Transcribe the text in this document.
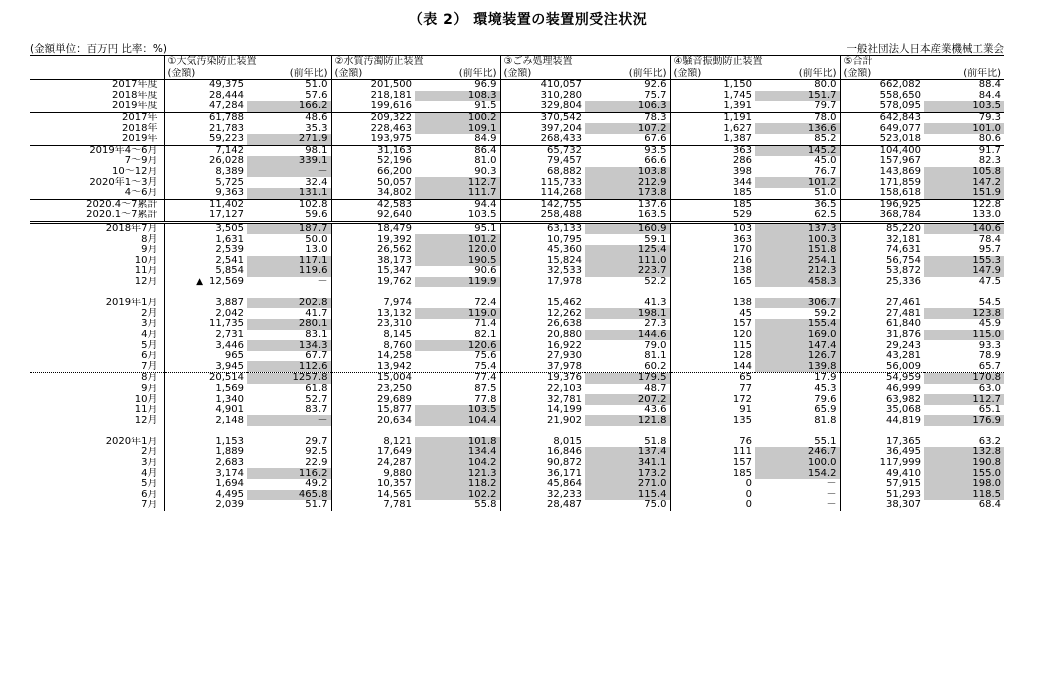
（表 2） 環境装置の装置別受注状況
(金額単位：百万円 比率：%)	一般社団法人日本産業機械工業会
	①大気汚染防止装置		②水質汚濁防止装置		③ごみ処理装置		④騒音振動防止装置		⑤合計	
	(金額)	(前年比)	(金額)	(前年比)	(金額)	(前年比)	(金額)	(前年比)	(金額)	(前年比)
2017年度	49,375	51.0	201,500	96.9	410,057	92.6	1,150	80.0	662,082	88.4
2018年度	28,444	57.6	218,181	108.3	310,280	75.7	1,745	151.7	558,650	84.4
2019年度	47,284	166.2	199,616	91.5	329,804	106.3	1,391	79.7	578,095	103.5
2017年	61,788	48.6	209,322	100.2	370,542	78.3	1,191	78.0	642,843	79.3
2018年	21,783	35.3	228,463	109.1	397,204	107.2	1,627	136.6	649,077	101.0
2019年	59,223	271.9	193,975	84.9	268,433	67.6	1,387	85.2	523,018	80.6
2019年4～6月	7,142	98.1	31,163	86.4	65,732	93.5	363	145.2	104,400	91.7
7～9月	26,028	339.1	52,196	81.0	79,457	66.6	286	45.0	157,967	82.3
10～12月	8,389	－	66,200	90.3	68,882	103.8	398	76.7	143,869	105.8
2020年1～3月	5,725	32.4	50,057	112.7	115,733	212.9	344	101.2	171,859	147.2
4～6月	9,363	131.1	34,802	111.7	114,268	173.8	185	51.0	158,618	151.9
2020.4～7累計	11,402	102.8	42,583	94.4	142,755	137.6	185	36.5	196,925	122.8
2020.1～7累計	17,127	59.6	92,640	103.5	258,488	163.5	529	62.5	368,784	133.0
2018年7月	3,505	187.7	18,479	95.1	63,133	160.9	103	137.3	85,220	140.6
8月	1,631	50.0	19,392	101.2	10,795	59.1	363	100.3	32,181	78.4
9月	2,539	13.0	26,562	120.0	45,360	125.4	170	151.8	74,631	95.7
10月	2,541	117.1	38,173	190.5	15,824	111.0	216	254.1	56,754	155.3
11月	5,854	119.6	15,347	90.6	32,533	223.7	138	212.3	53,872	147.9
12月	▲ 12,569	－	19,762	119.9	17,978	52.2	165	458.3	25,336	47.5

2019年1月	3,887	202.8	7,974	72.4	15,462	41.3	138	306.7	27,461	54.5
2月	2,042	41.7	13,132	119.0	12,262	198.1	45	59.2	27,481	123.8
3月	11,735	280.1	23,310	71.4	26,638	27.3	157	155.4	61,840	45.9
4月	2,731	83.1	8,145	82.1	20,880	144.6	120	169.0	31,876	115.0
5月	3,446	134.3	8,760	120.6	16,922	79.0	115	147.4	29,243	93.3
6月	965	67.7	14,258	75.6	27,930	81.1	128	126.7	43,281	78.9
7月	3,945	112.6	13,942	75.4	37,978	60.2	144	139.8	56,009	65.7
8月	20,514	1257.8	15,004	77.4	19,376	179.5	65	17.9	54,959	170.8
9月	1,569	61.8	23,250	87.5	22,103	48.7	77	45.3	46,999	63.0
10月	1,340	52.7	29,689	77.8	32,781	207.2	172	79.6	63,982	112.7
11月	4,901	83.7	15,877	103.5	14,199	43.6	91	65.9	35,068	65.1
12月	2,148	－	20,634	104.4	21,902	121.8	135	81.8	44,819	176.9

2020年1月	1,153	29.7	8,121	101.8	8,015	51.8	76	55.1	17,365	63.2
2月	1,889	92.5	17,649	134.4	16,846	137.4	111	246.7	36,495	132.8
3月	2,683	22.9	24,287	104.2	90,872	341.1	157	100.0	117,999	190.8
4月	3,174	116.2	9,880	121.3	36,171	173.2	185	154.2	49,410	155.0
5月	1,694	49.2	10,357	118.2	45,864	271.0	0	－	57,915	198.0
6月	4,495	465.8	14,565	102.2	32,233	115.4	0	－	51,293	118.5
7月	2,039	51.7	7,781	55.8	28,487	75.0	0	－	38,307	68.4
